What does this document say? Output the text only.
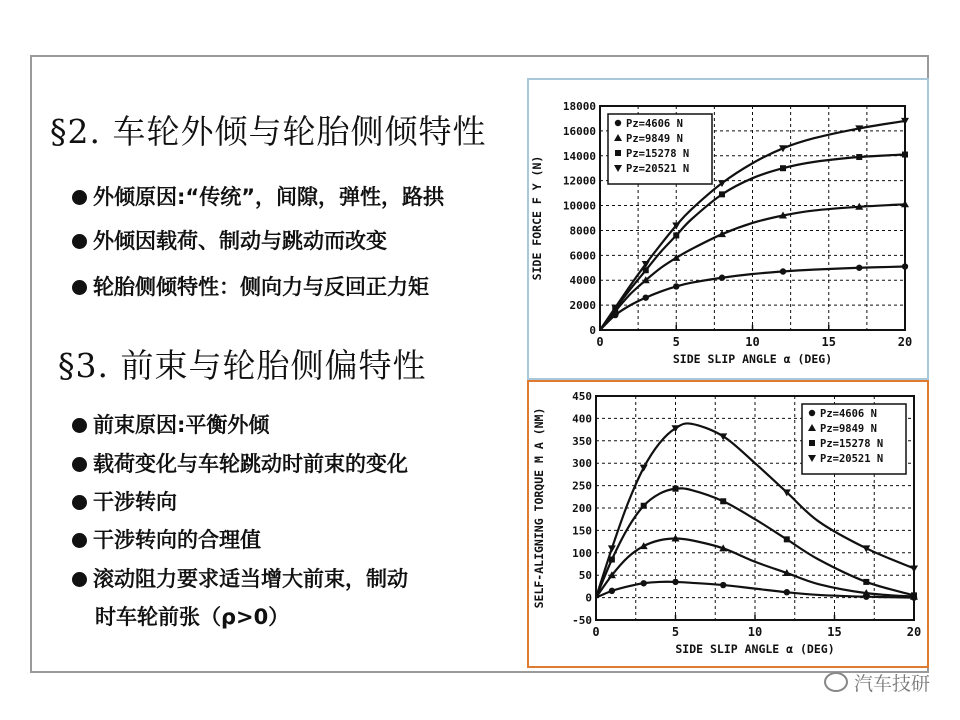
§2. 车轮外倾与轮胎侧倾特性
外倾原因:“传统”，间隙，弹性，路拱
外倾因载荷、制动与跳动而改变
轮胎侧倾特性：侧向力与反回正力矩
§3. 前束与轮胎侧偏特性
前束原因:平衡外倾
载荷变化与车轮跳动时前束的变化
干涉转向
干涉转向的合理值
滚动阻力要求适当增大前束，制动
时车轮前张（ρ>0）
0	5	10	15	20
0
2000
4000
6000
8000
10000
12000
14000
16000
18000
SIDE SLIP ANGLE α (DEG)
SIDE FORCE F Y (N)
Pz=4606 N
Pz=9849 N
Pz=15278 N
Pz=20521 N
0	5	10	15	20
-50
0
50
100
150
200
250
300
350
400
450
SIDE SLIP ANGLE α (DEG)
SELF-ALIGNING TORQUE M A (NM)	Pz=4606 N
Pz=9849 N
Pz=15278 N
Pz=20521 N
汽车技研
